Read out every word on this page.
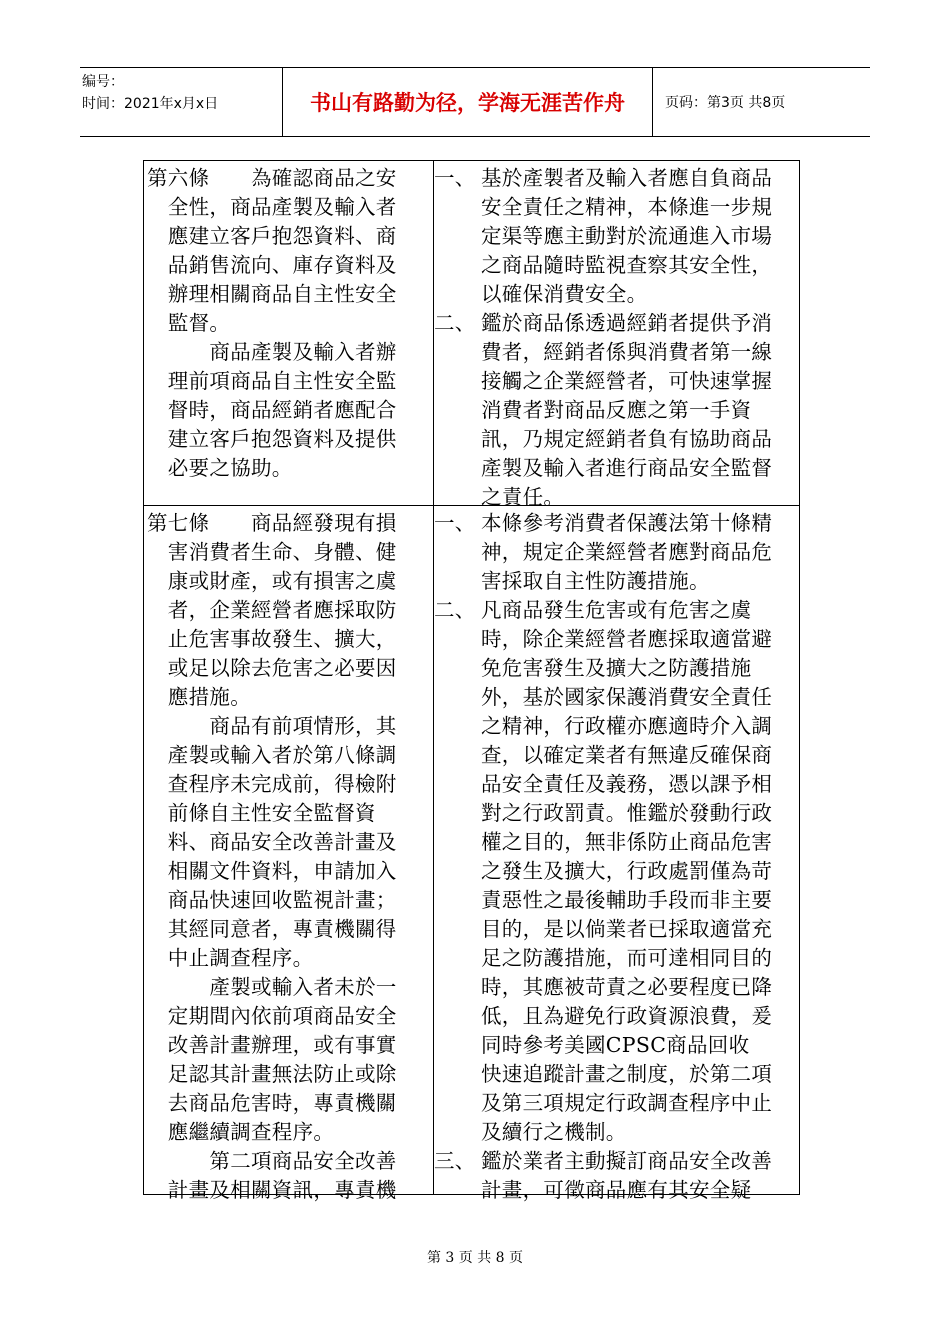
编号：
时间：2021年x月x日	书山有路勤为径，学海无涯苦作舟	页码：第3页 共8页
第六條　　為確認商品之安
　全性，商品產製及輸入者
　應建立客戶抱怨資料、商
　品銷售流向、庫存資料及
　辦理相關商品自主性安全
　監督。
　　　商品產製及輸入者辦
　理前項商品自主性安全監
　督時，商品經銷者應配合
　建立客戶抱怨資料及提供
　必要之協助。
一、 基於產製者及輸入者應自負商品
安全責任之精神，本條進一步規
定渠等應主動對於流通進入市場
之商品隨時監視查察其安全性，
以確保消費安全。
二、 鑑於商品係透過經銷者提供予消
費者，經銷者係與消費者第一線
接觸之企業經營者，可快速掌握
消費者對商品反應之第一手資
訊，乃規定經銷者負有協助商品
產製及輸入者進行商品安全監督
之責任。
第七條　　商品經發現有損
　害消費者生命、身體、健
　康或財產，或有損害之虞
　者，企業經營者應採取防
　止危害事故發生、擴大，
　或足以除去危害之必要因
　應措施。
　　　商品有前項情形，其
　產製或輸入者於第八條調
　查程序未完成前，得檢附
　前條自主性安全監督資
　料、商品安全改善計畫及
　相關文件資料，申請加入
　商品快速回收監視計畫；
　其經同意者，專責機關得
　中止調查程序。
　　　產製或輸入者未於一
　定期間內依前項商品安全
　改善計畫辦理，或有事實
　足認其計畫無法防止或除
　去商品危害時，專責機關
　應繼續調查程序。
　　　第二項商品安全改善
　計畫及相關資訊，專責機
一、 本條參考消費者保護法第十條精
神，規定企業經營者應對商品危
害採取自主性防護措施。
二、 凡商品發生危害或有危害之虞
時，除企業經營者應採取適當避
免危害發生及擴大之防護措施
外，基於國家保護消費安全責任
之精神，行政權亦應適時介入調
查，以確定業者有無違反確保商
品安全責任及義務，憑以課予相
對之行政罰責。惟鑑於發動行政
權之目的，無非係防止商品危害
之發生及擴大，行政處罰僅為苛
責惡性之最後輔助手段而非主要
目的，是以倘業者已採取適當充
足之防護措施，而可達相同目的
時，其應被苛責之必要程度已降
低，且為避免行政資源浪費，爰
同時參考美國CPSC商品回收
快速追蹤計畫之制度，於第二項
及第三項規定行政調查程序中止
及續行之機制。
三、 鑑於業者主動擬訂商品安全改善
計畫，可徵商品應有其安全疑
第 3 页 共 8 页
